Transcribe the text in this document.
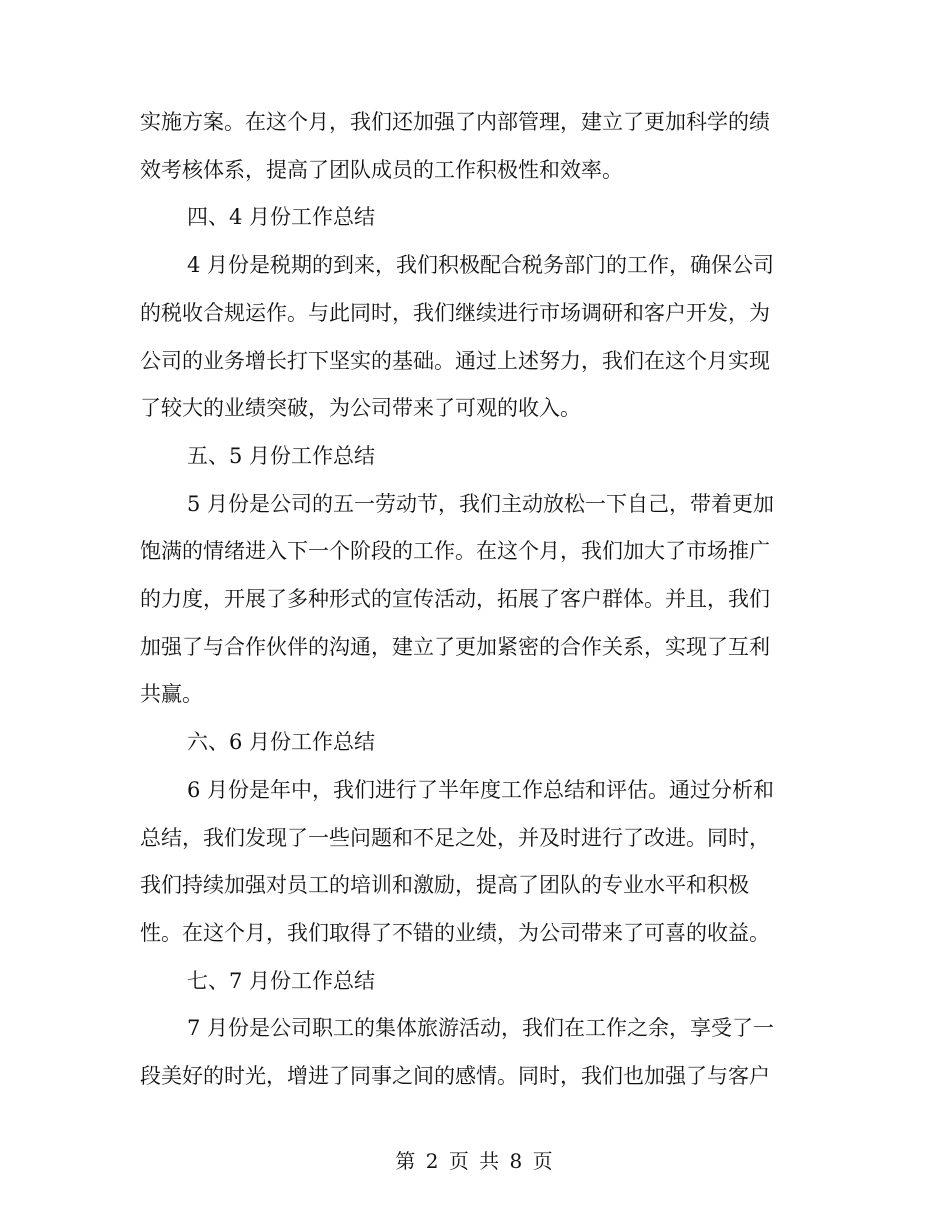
实施方案。在这个月，我们还加强了内部管理，建立了更加科学的绩
效考核体系，提高了团队成员的工作积极性和效率。
四、4 月份工作总结
4 月份是税期的到来，我们积极配合税务部门的工作，确保公司
的税收合规运作。与此同时，我们继续进行市场调研和客户开发，为
公司的业务增长打下坚实的基础。通过上述努力，我们在这个月实现
了较大的业绩突破，为公司带来了可观的收入。
五、5 月份工作总结
5 月份是公司的五一劳动节，我们主动放松一下自己，带着更加
饱满的情绪进入下一个阶段的工作。在这个月，我们加大了市场推广
的力度，开展了多种形式的宣传活动，拓展了客户群体。并且，我们
加强了与合作伙伴的沟通，建立了更加紧密的合作关系，实现了互利
共赢。
六、6 月份工作总结
6 月份是年中，我们进行了半年度工作总结和评估。通过分析和
总结，我们发现了一些问题和不足之处，并及时进行了改进。同时，
我们持续加强对员工的培训和激励，提高了团队的专业水平和积极
性。在这个月，我们取得了不错的业绩，为公司带来了可喜的收益。
七、7 月份工作总结
7 月份是公司职工的集体旅游活动，我们在工作之余，享受了一
段美好的时光，增进了同事之间的感情。同时，我们也加强了与客户
第 2 页 共 8 页
